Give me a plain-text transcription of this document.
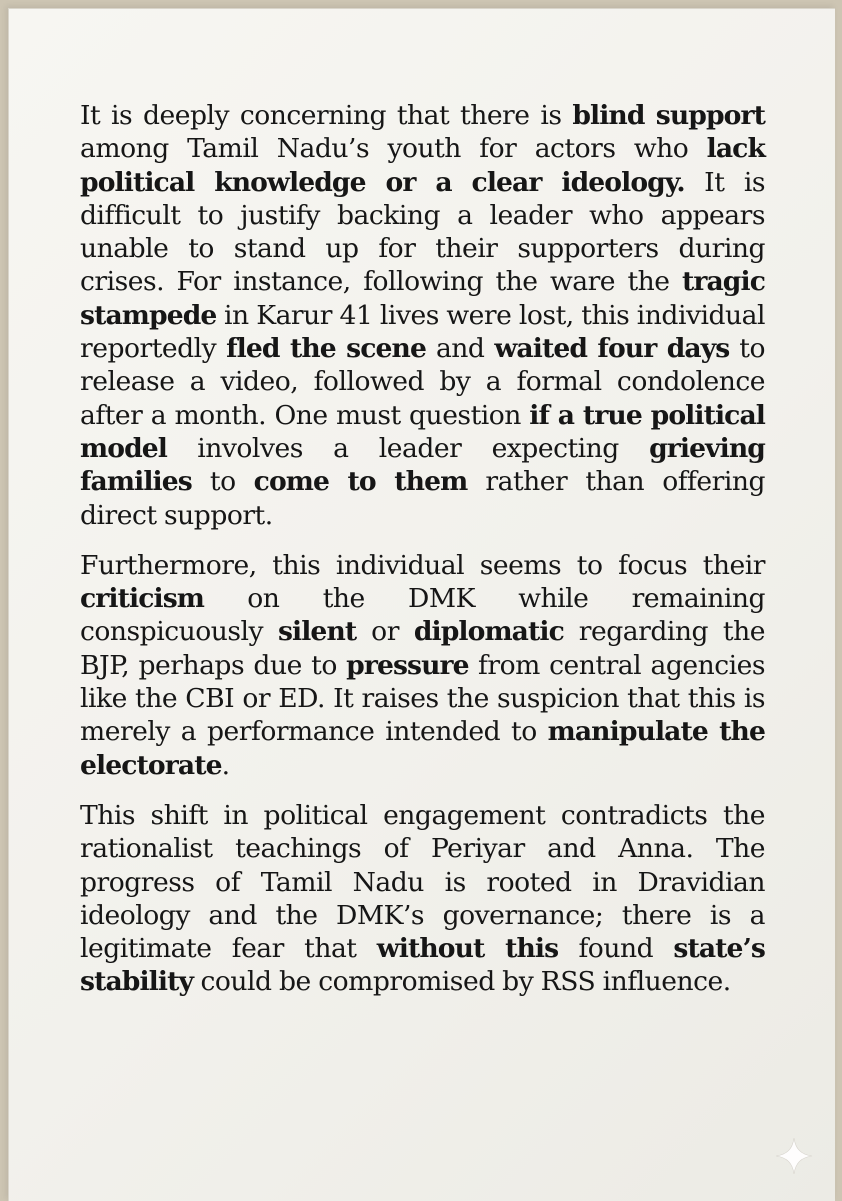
It is deeply concerning that there is blind support among Tamil Nadu’s youth for actors who lack political knowledge or a clear ideology. It is difficult to justify backing a leader who appears unable to stand up for their supporters during crises. For instance, following the ware the tragic stampede in Karur 41 lives were lost, this individual reportedly fled the scene and waited four days to release a video, followed by a formal condolence after a month. One must question if a true political model involves a leader expecting grieving families to come to them rather than offering direct support.

Furthermore, this individual seems to focus their criticism on the DMK while remaining conspicuously silent or diplomatic regarding the BJP, perhaps due to pressure from central agencies like the CBI or ED. It raises the suspicion that this is merely a performance intended to manipulate the electorate.

This shift in political engagement contradicts the rationalist teachings of Periyar and Anna. The progress of Tamil Nadu is rooted in Dravidian ideology and the DMK’s governance; there is a legitimate fear that without this found state’s stability could be compromised by RSS influence.
